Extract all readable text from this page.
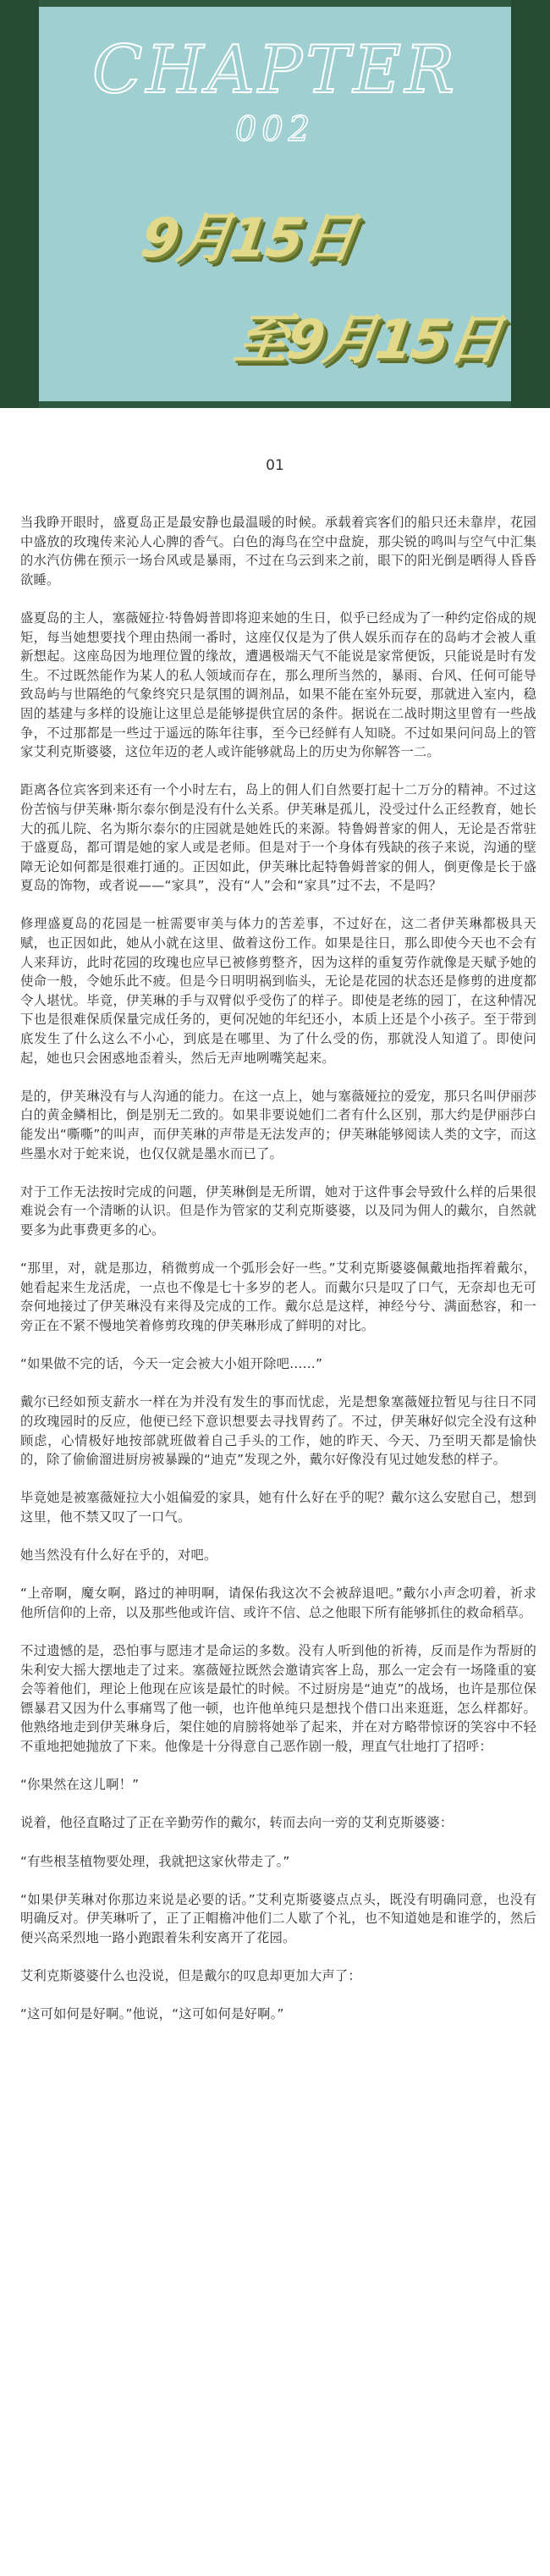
CHAPTER
002
9月15日
至9月15日
01

当我睁开眼时，盛夏岛正是最安静也最温暖的时候。承载着宾客们的船只还未靠岸，花园中盛放的玫瑰传来沁人心脾的香气。白色的海鸟在空中盘旋，那尖锐的鸣叫与空气中汇集的水汽仿佛在预示一场台风或是暴雨，不过在乌云到来之前，眼下的阳光倒是晒得人昏昏欲睡。

盛夏岛的主人，塞薇娅拉·特鲁姆普即将迎来她的生日，似乎已经成为了一种约定俗成的规矩，每当她想要找个理由热闹一番时，这座仅仅是为了供人娱乐而存在的岛屿才会被人重新想起。这座岛因为地理位置的缘故，遭遇极端天气不能说是家常便饭，只能说是时有发生。不过既然能作为某人的私人领域而存在，那么理所当然的，暴雨、台风、任何可能导致岛屿与世隔绝的气象终究只是氛围的调剂品，如果不能在室外玩耍，那就进入室内，稳固的基建与多样的设施让这里总是能够提供宜居的条件。据说在二战时期这里曾有一些战争，不过那都是一些过于遥远的陈年往事，至今已经鲜有人知晓。不过如果问问岛上的管家艾利克斯婆婆，这位年迈的老人或许能够就岛上的历史为你解答一二。

距离各位宾客到来还有一个小时左右，岛上的佣人们自然要打起十二万分的精神。不过这份苦恼与伊芙琳·斯尔泰尔倒是没有什么关系。伊芙琳是孤儿，没受过什么正经教育，她长大的孤儿院、名为斯尔泰尔的庄园就是她姓氏的来源。特鲁姆普家的佣人，无论是否常驻于盛夏岛，都可谓是她的家人或是老师。但是对于一个身体有残缺的孩子来说，沟通的壁障无论如何都是很难打通的。正因如此，伊芙琳比起特鲁姆普家的佣人，倒更像是长于盛夏岛的饰物，或者说——“家具”，没有“人”会和“家具”过不去，不是吗？

修理盛夏岛的花园是一桩需要审美与体力的苦差事，不过好在，这二者伊芙琳都极具天赋，也正因如此，她从小就在这里、做着这份工作。如果是往日，那么即使今天也不会有人来拜访，此时花园的玫瑰也应早已被修剪整齐，因为这样的重复劳作就像是天赋予她的使命一般，令她乐此不疲。但是今日明明祸到临头，无论是花园的状态还是修剪的进度都令人堪忧。毕竟，伊芙琳的手与双臂似乎受伤了的样子。即使是老练的园丁，在这种情况下也是很难保质保量完成任务的，更何况她的年纪还小，本质上还是个小孩子。至于带到底发生了什么这么不小心，到底是在哪里、为了什么受的伤，那就没人知道了。即使问起，她也只会困惑地歪着头，然后无声地咧嘴笑起来。

是的，伊芙琳没有与人沟通的能力。在这一点上，她与塞薇娅拉的爱宠，那只名叫伊丽莎白的黄金鳞相比，倒是别无二致的。如果非要说她们二者有什么区别，那大约是伊丽莎白能发出“嘶嘶”的叫声，而伊芙琳的声带是无法发声的；伊芙琳能够阅读人类的文字，而这些墨水对于蛇来说，也仅仅就是墨水而已了。

对于工作无法按时完成的问题，伊芙琳倒是无所谓，她对于这件事会导致什么样的后果很难说会有一个清晰的认识。但是作为管家的艾利克斯婆婆，以及同为佣人的戴尔，自然就要多为此事费更多的心。

“那里，对，就是那边，稍微剪成一个弧形会好一些。”艾利克斯婆婆佩戴地指挥着戴尔，她看起来生龙活虎，一点也不像是七十多岁的老人。而戴尔只是叹了口气，无奈却也无可奈何地接过了伊芙琳没有来得及完成的工作。戴尔总是这样，神经兮兮、满面愁容，和一旁正在不紧不慢地笑着修剪玫瑰的伊芙琳形成了鲜明的对比。

“如果做不完的话，今天一定会被大小姐开除吧……”

戴尔已经如预支薪水一样在为并没有发生的事而忧虑，光是想象塞薇娅拉暂见与往日不同的玫瑰园时的反应，他便已经下意识想要去寻找胃药了。不过，伊芙琳好似完全没有这种顾虑，心情极好地按部就班做着自己手头的工作，她的昨天、今天、乃至明天都是愉快的，除了偷偷溜进厨房被暴躁的“迪克”发现之外，戴尔好像没有见过她发愁的样子。

毕竟她是被塞薇娅拉大小姐偏爱的家具，她有什么好在乎的呢？戴尔这么安慰自己，想到这里，他不禁又叹了一口气。

她当然没有什么好在乎的，对吧。

“上帝啊，魔女啊，路过的神明啊，请保佑我这次不会被辞退吧。”戴尔小声念叨着，祈求他所信仰的上帝，以及那些他或许信、或许不信、总之他眼下所有能够抓住的救命稻草。

不过遗憾的是，恐怕事与愿违才是命运的多数。没有人听到他的祈祷，反而是作为帮厨的朱利安大摇大摆地走了过来。塞薇娅拉既然会邀请宾客上岛，那么一定会有一场隆重的宴会等着他们，理论上他现在应该是最忙的时候。不过厨房是“迪克”的战场，也许是那位保镖暴君又因为什么事痛骂了他一顿，也许他单纯只是想找个借口出来逛逛，怎么样都好。他熟络地走到伊芙琳身后，架住她的肩膀将她举了起来，并在对方略带惊讶的笑容中不轻不重地把她抛放了下来。他像是十分得意自己恶作剧一般，理直气壮地打了招呼：

“你果然在这儿啊！”

说着，他径直略过了正在辛勤劳作的戴尔，转而去向一旁的艾利克斯婆婆：

“有些根茎植物要处理，我就把这家伙带走了。”

“如果伊芙琳对你那边来说是必要的话。”艾利克斯婆婆点点头，既没有明确同意，也没有明确反对。伊芙琳听了，正了正帽檐冲他们二人歇了个礼，也不知道她是和谁学的，然后便兴高采烈地一路小跑跟着朱利安离开了花园。

艾利克斯婆婆什么也没说，但是戴尔的叹息却更加大声了：

“这可如何是好啊。”他说，“这可如何是好啊。”
